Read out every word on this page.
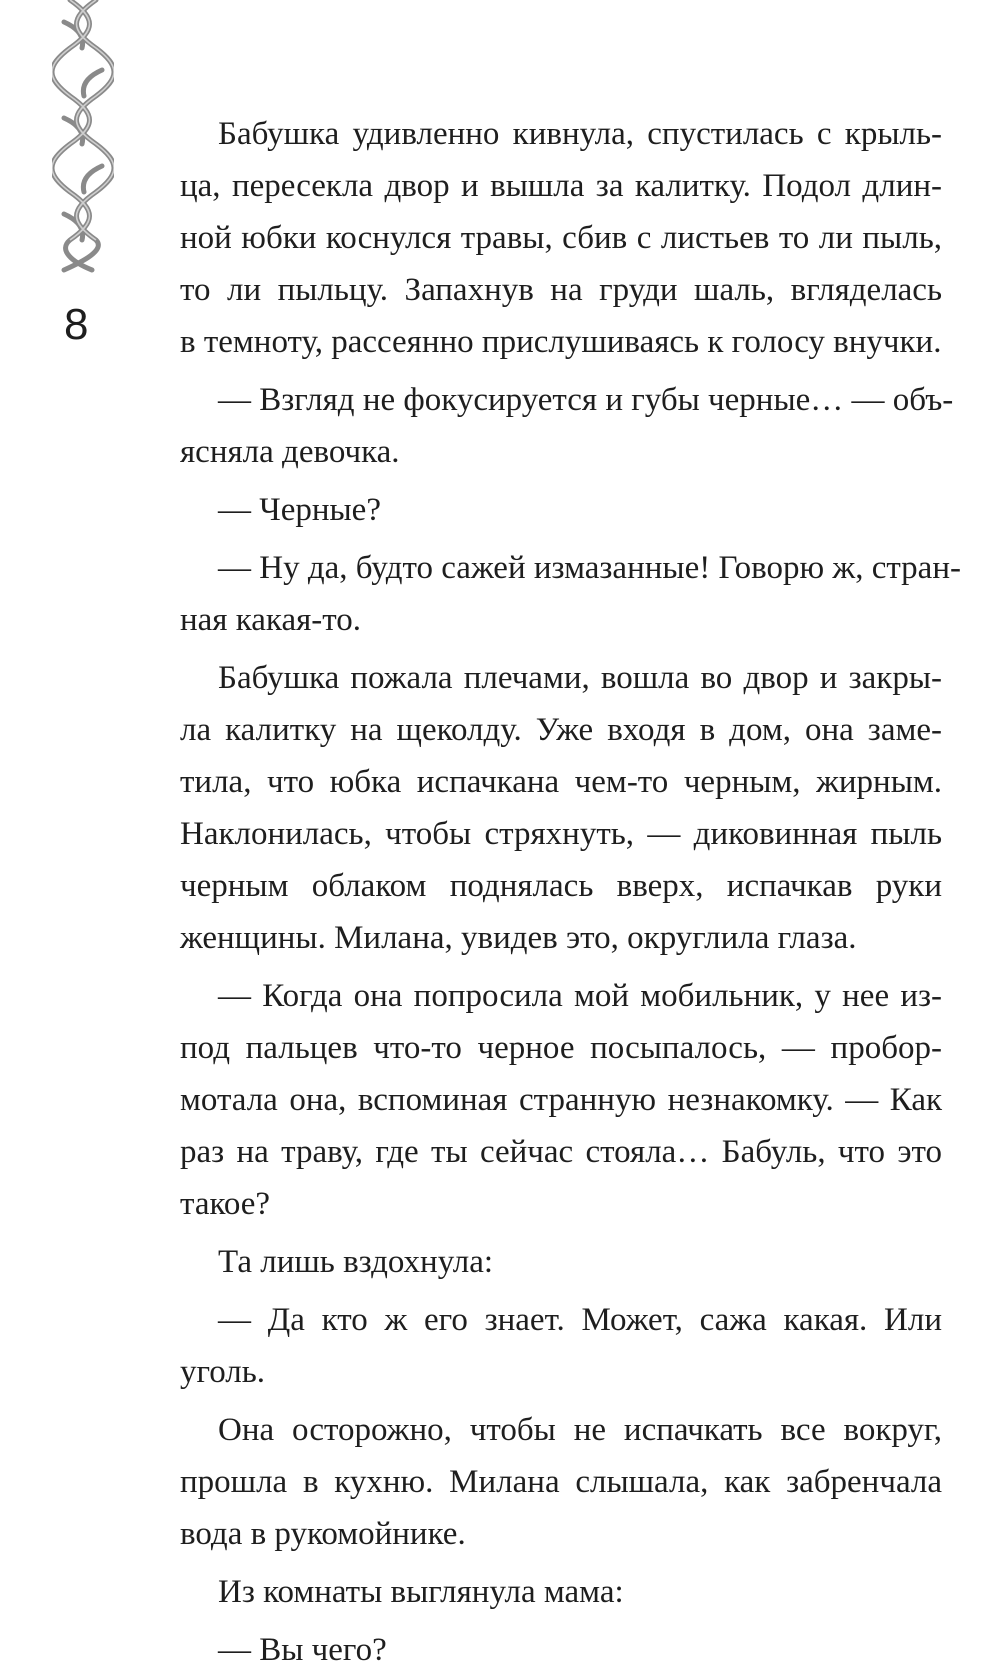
8
Бабушка удивленно кивнула, спустилась с крыль-
ца, пересекла двор и вышла за калитку. Подол длин-
ной юбки коснулся травы, сбив с листьев то ли пыль,
то ли пыльцу. Запахнув на груди шаль, вгляделась
в темноту, рассеянно прислушиваясь к голосу внучки.
— Взгляд не фокусируется и губы черные… — объ-
ясняла девочка.
— Черные?
— Ну да, будто сажей измазанные! Говорю ж, стран-
ная какая-то.
Бабушка пожала плечами, вошла во двор и закры-
ла калитку на щеколду. Уже входя в дом, она заме-
тила, что юбка испачкана чем-то черным, жирным.
Наклонилась, чтобы стряхнуть, — диковинная пыль
черным облаком поднялась вверх, испачкав руки
женщины. Милана, увидев это, округлила глаза.
— Когда она попросила мой мобильник, у нее из-
под пальцев что-то черное посыпалось, — пробор-
мотала она, вспоминая странную незнакомку. — Как
раз на траву, где ты сейчас стояла… Бабуль, что это
такое?
Та лишь вздохнула:
— Да кто ж его знает. Может, сажа какая. Или
уголь.
Она осторожно, чтобы не испачкать все вокруг,
прошла в кухню. Милана слышала, как забренчала
вода в рукомойнике.
Из комнаты выглянула мама:
— Вы чего?
